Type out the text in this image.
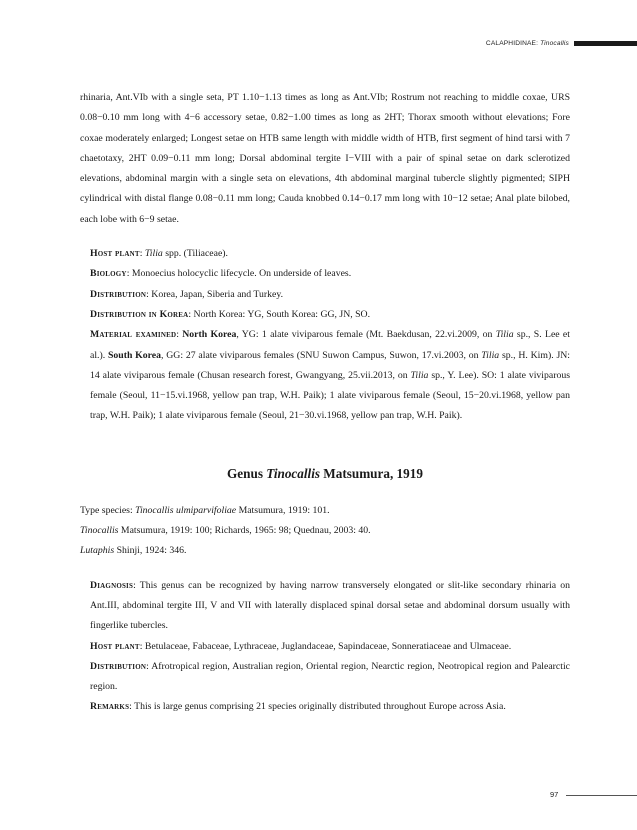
CALAPHIDINAE: Tinocallis

rhinaria, Ant.VIb with a single seta, PT 1.10−1.13 times as long as Ant.VIb; Rostrum not reaching to middle coxae, URS 0.08−0.10 mm long with 4−6 accessory setae, 0.82−1.00 times as long as 2HT; Thorax smooth without elevations; Fore coxae moderately enlarged; Longest setae on HTB same length with middle width of HTB, first segment of hind tarsi with 7 chaetotaxy, 2HT 0.09−0.11 mm long; Dorsal abdominal tergite I−VIII with a pair of spinal setae on dark sclerotized elevations, abdominal margin with a single seta on elevations, 4th abdominal marginal tubercle slightly pigmented; SIPH cylindrical with distal flange 0.08−0.11 mm long; Cauda knobbed 0.14−0.17 mm long with 10−12 setae; Anal plate bilobed, each lobe with 6−9 setae.

Host plant: Tilia spp. (Tiliaceae).

Biology: Monoecius holocyclic lifecycle. On underside of leaves.

Distribution: Korea, Japan, Siberia and Turkey.

Distribution in Korea: North Korea: YG, South Korea: GG, JN, SO.

Material examined: North Korea, YG: 1 alate viviparous female (Mt. Baekdusan, 22.vi.2009, on Tilia sp., S. Lee et al.). South Korea, GG: 27 alate viviparous females (SNU Suwon Campus, Suwon, 17.vi.2003, on Tilia sp., H. Kim). JN: 14 alate viviparous female (Chusan research forest, Gwangyang, 25.vii.2013, on Tilia sp., Y. Lee). SO: 1 alate viviparous female (Seoul, 11−15.vi.1968, yellow pan trap, W.H. Paik); 1 alate viviparous female (Seoul, 15−20.vi.1968, yellow pan trap, W.H. Paik); 1 alate viviparous female (Seoul, 21−30.vi.1968, yellow pan trap, W.H. Paik).

Genus Tinocallis Matsumura, 1919

Type species: Tinocallis ulmiparvifoliae Matsumura, 1919: 101.

Tinocallis Matsumura, 1919: 100; Richards, 1965: 98; Quednau, 2003: 40.

Lutaphis Shinji, 1924: 346.

Diagnosis: This genus can be recognized by having narrow transversely elongated or slit-like secondary rhinaria on Ant.III, abdominal tergite III, V and VII with laterally displaced spinal dorsal setae and abdominal dorsum usually with fingerlike tubercles.

Host plant: Betulaceae, Fabaceae, Lythraceae, Juglandaceae, Sapindaceae, Sonneratiaceae and Ulmaceae.

Distribution: Afrotropical region, Australian region, Oriental region, Nearctic region, Neotropical region and Palearctic region.

Remarks: This is large genus comprising 21 species originally distributed throughout Europe across Asia.

97
